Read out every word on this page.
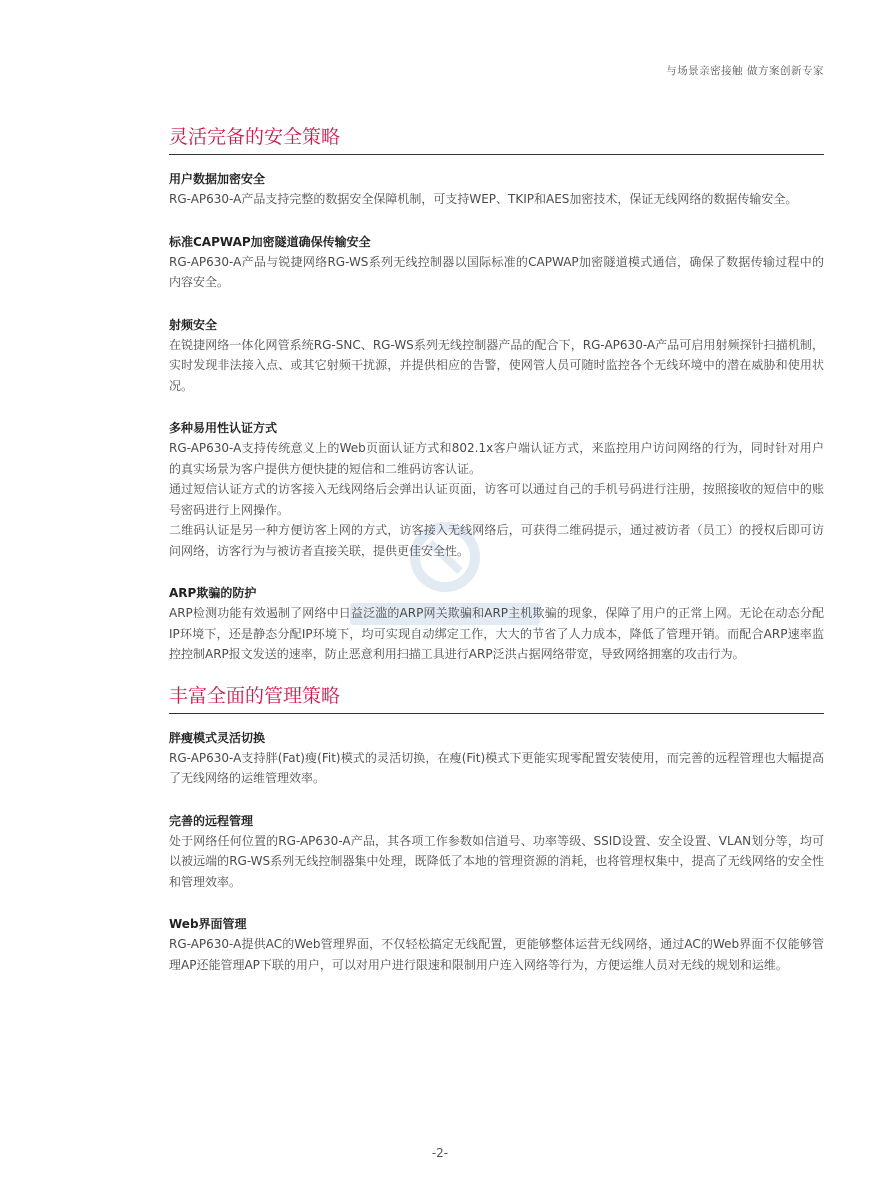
与场景亲密接触 做方案创新专家
灵活完备的安全策略

用户数据加密安全

RG-AP630-A产品支持完整的数据安全保障机制，可支持WEP、TKIP和AES加密技术，保证无线网络的数据传输安全。

标准CAPWAP加密隧道确保传输安全

RG-AP630-A产品与锐捷网络RG-WS系列无线控制器以国际标准的CAPWAP加密隧道模式通信，确保了数据传输过程中的内容安全。

射频安全

在锐捷网络一体化网管系统RG-SNC、RG-WS系列无线控制器产品的配合下，RG-AP630-A产品可启用射频探针扫描机制，实时发现非法接入点、或其它射频干扰源，并提供相应的告警，使网管人员可随时监控各个无线环境中的潜在威胁和使用状况。

多种易用性认证方式

RG-AP630-A支持传统意义上的Web页面认证方式和802.1x客户端认证方式，来监控用户访问网络的行为，同时针对用户的真实场景为客户提供方便快捷的短信和二维码访客认证。

通过短信认证方式的访客接入无线网络后会弹出认证页面，访客可以通过自己的手机号码进行注册，按照接收的短信中的账号密码进行上网操作。

二维码认证是另一种方便访客上网的方式，访客接入无线网络后，可获得二维码提示，通过被访者（员工）的授权后即可访问网络，访客行为与被访者直接关联，提供更佳安全性。

ARP欺骗的防护

ARP检测功能有效遏制了网络中日益泛滥的ARP网关欺骗和ARP主机欺骗的现象，保障了用户的正常上网。无论在动态分配IP环境下，还是静态分配IP环境下，均可实现自动绑定工作，大大的节省了人力成本，降低了管理开销。而配合ARP速率监控控制ARP报文发送的速率，防止恶意利用扫描工具进行ARP泛洪占据网络带宽，导致网络拥塞的攻击行为。

丰富全面的管理策略

胖瘦模式灵活切换

RG-AP630-A支持胖(Fat)瘦(Fit)模式的灵活切换，在瘦(Fit)模式下更能实现零配置安装使用，而完善的远程管理也大幅提高了无线网络的运维管理效率。

完善的远程管理

处于网络任何位置的RG-AP630-A产品，其各项工作参数如信道号、功率等级、SSID设置、安全设置、VLAN划分等，均可以被远端的RG-WS系列无线控制器集中处理，既降低了本地的管理资源的消耗，也将管理权集中，提高了无线网络的安全性和管理效率。

Web界面管理

RG-AP630-A提供AC的Web管理界面，不仅轻松搞定无线配置，更能够整体运营无线网络，通过AC的Web界面不仅能够管理AP还能管理AP下联的用户，可以对用户进行限速和限制用户连入网络等行为，方便运维人员对无线的规划和运维。

-2-
